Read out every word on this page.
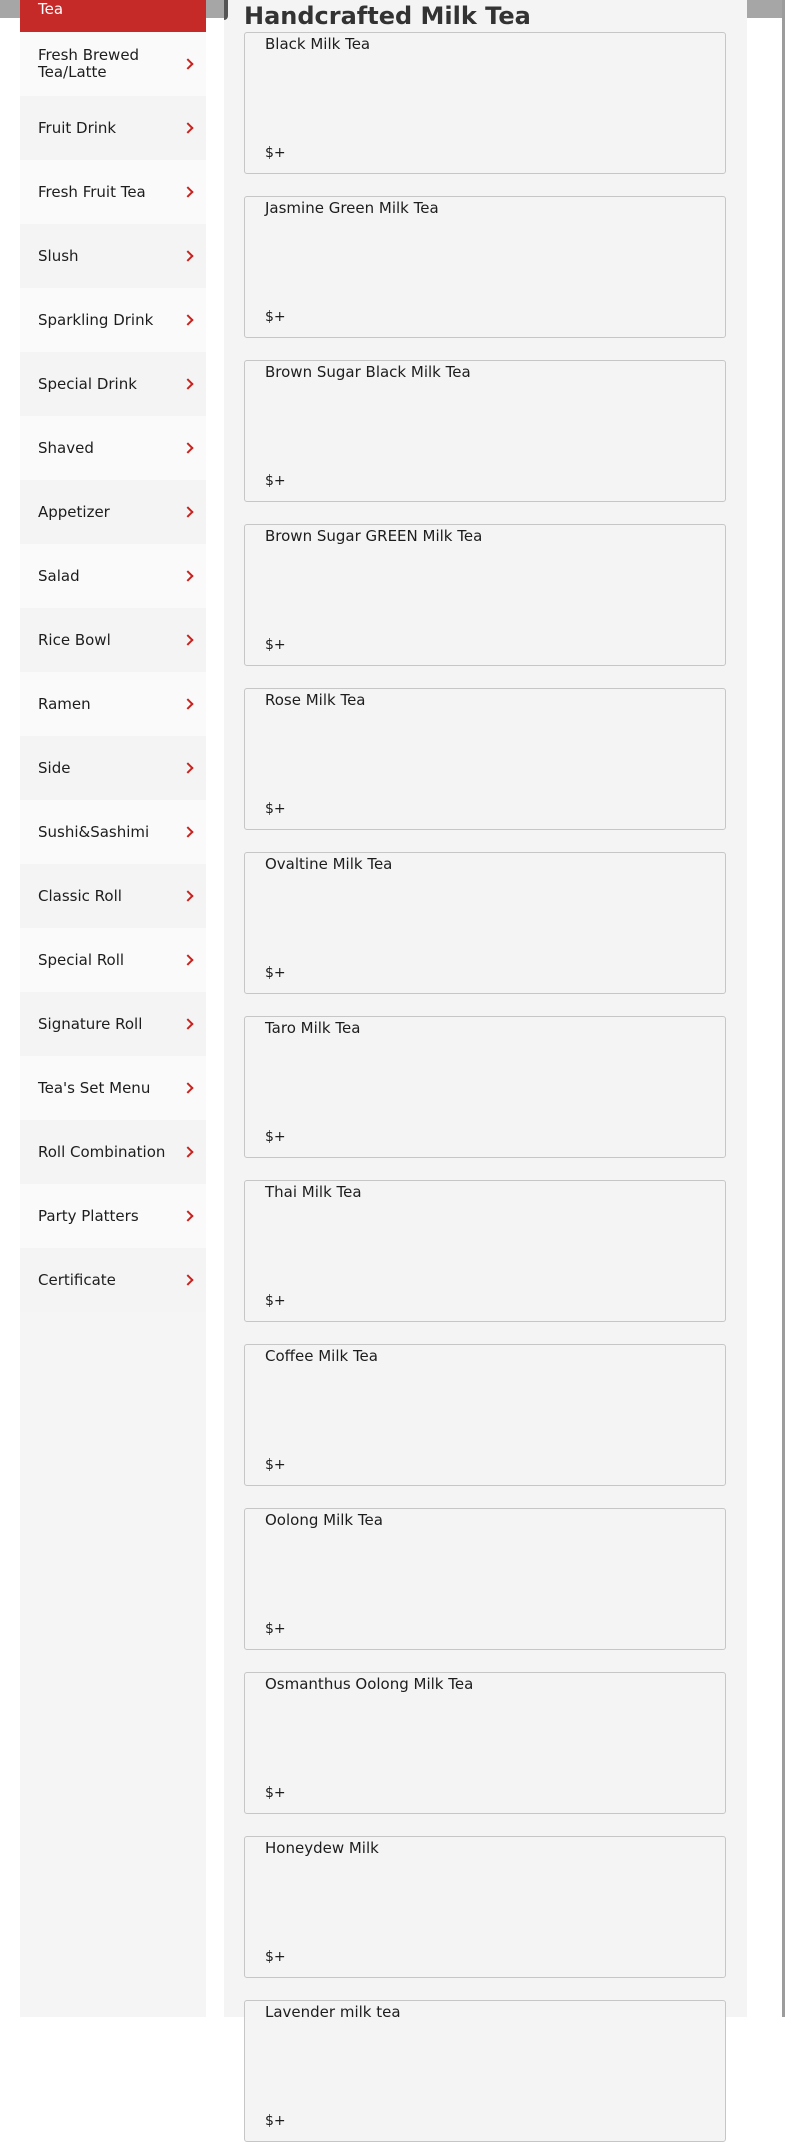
Tea
Fresh Brewed Tea/Latte
Fruit Drink
Fresh Fruit Tea
Slush
Sparkling Drink
Special Drink
Shaved
Appetizer
Salad
Rice Bowl
Ramen
Side
Sushi&Sashimi
Classic Roll
Special Roll
Signature Roll
Tea's Set Menu
Roll Combination
Party Platters
Certificate
Handcrafted Milk Tea
Black Milk Tea
$+
Jasmine Green Milk Tea
$+
Brown Sugar Black Milk Tea
$+
Brown Sugar GREEN Milk Tea
$+
Rose Milk Tea
$+
Ovaltine Milk Tea
$+
Taro Milk Tea
$+
Thai Milk Tea
$+
Coffee Milk Tea
$+
Oolong Milk Tea
$+
Osmanthus Oolong Milk Tea
$+
Honeydew Milk
$+
Lavender milk tea
$+
